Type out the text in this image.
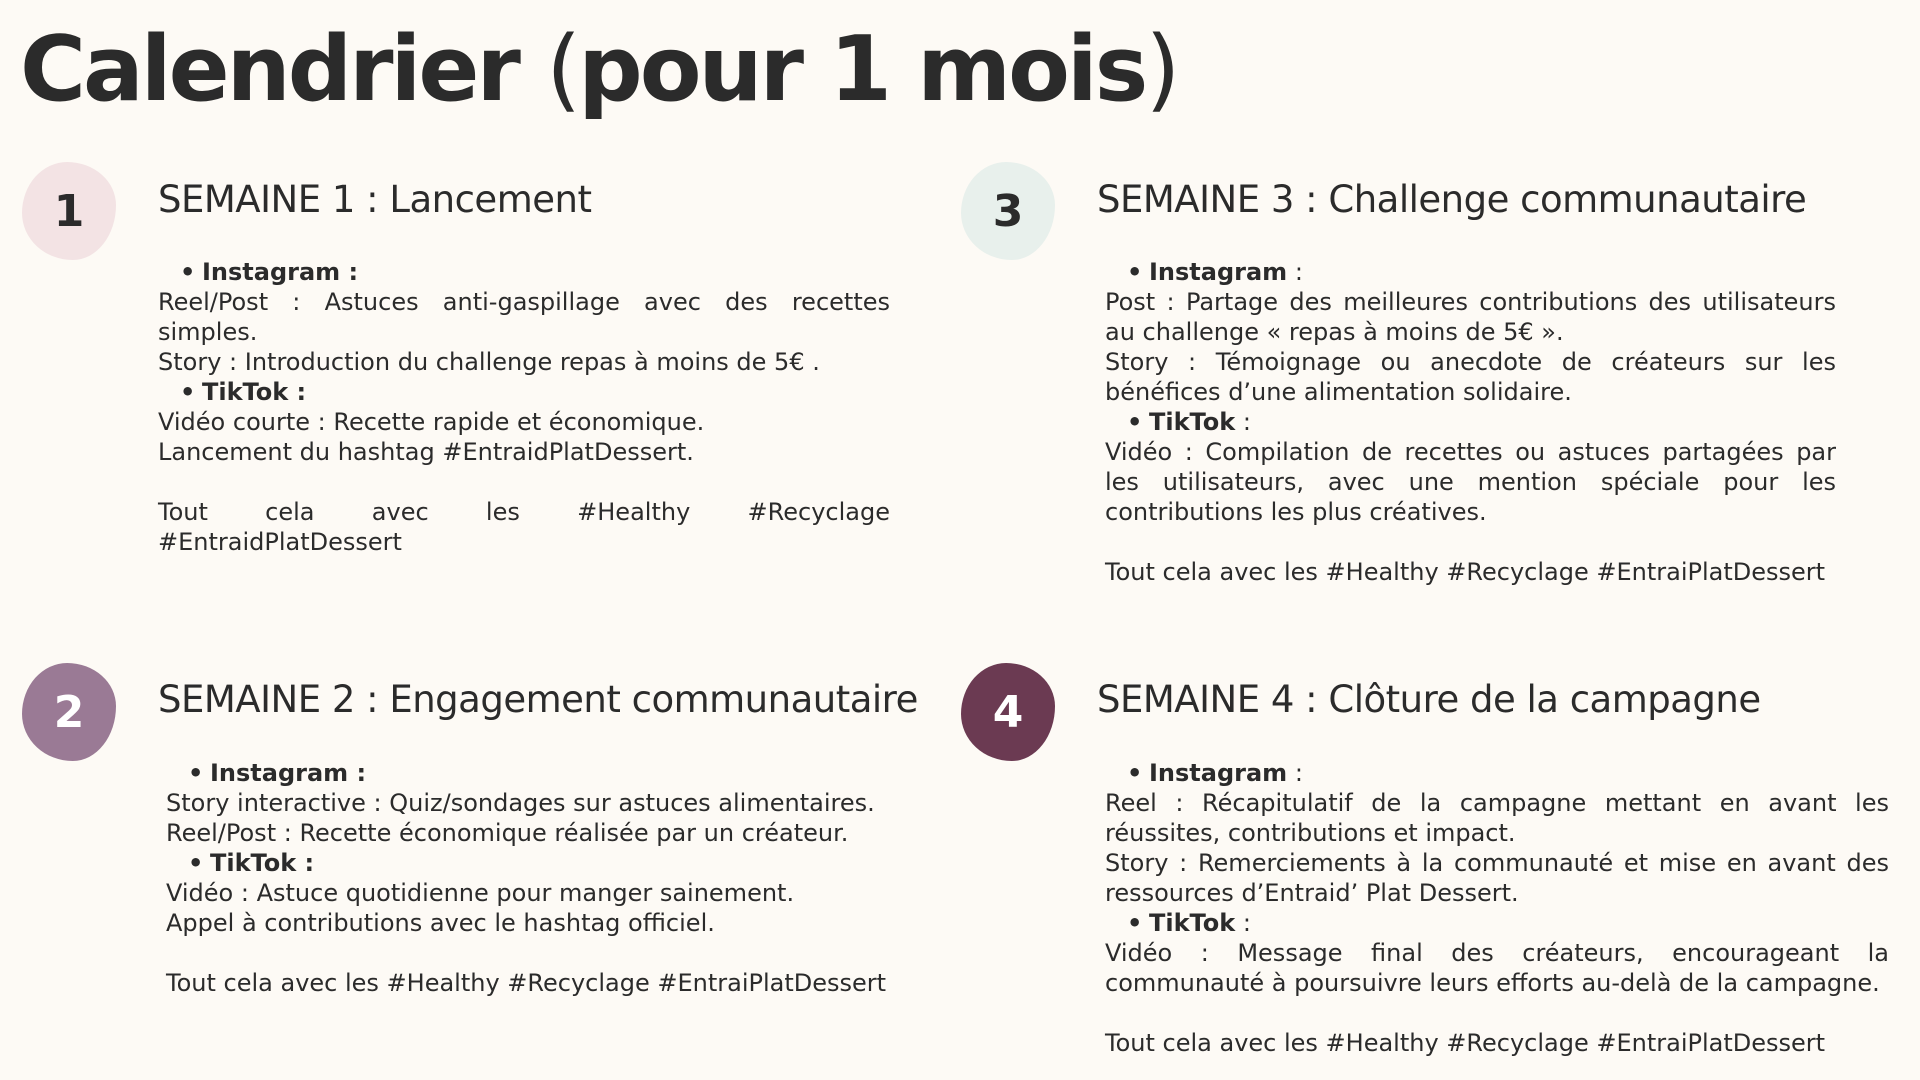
Calendrier (pour 1 mois)
1	SEMAINE 1 : Lancement

• Instagram :

Reel/Post : Astuces anti-gaspillage avec des recettes simples.

Story : Introduction du challenge repas à moins de 5€ .

• TikTok :

Vidéo courte : Recette rapide et économique.

Lancement du hashtag #EntraidPlatDessert.

Tout cela avec les #Healthy #Recyclage #EntraidPlatDessert

2	SEMAINE 2 : Engagement communautaire

• Instagram :

Story interactive : Quiz/sondages sur astuces alimentaires.

Reel/Post : Recette économique réalisée par un créateur.

• TikTok :

Vidéo : Astuce quotidienne pour manger sainement.

Appel à contributions avec le hashtag officiel.

Tout cela avec les #Healthy #Recyclage #EntraiPlatDessert

3	SEMAINE 3 : Challenge communautaire

• Instagram :

Post : Partage des meilleures contributions des utilisateurs au challenge « repas à moins de 5€ ».

Story : Témoignage ou anecdote de créateurs sur les bénéfices d’une alimentation solidaire.

• TikTok :

Vidéo : Compilation de recettes ou astuces partagées par les utilisateurs, avec une mention spéciale pour les contributions les plus créatives.

Tout cela avec les #Healthy #Recyclage #EntraiPlatDessert

4	SEMAINE 4 : Clôture de la campagne

• Instagram :

Reel : Récapitulatif de la campagne mettant en avant les réussites, contributions et impact.

Story : Remerciements à la communauté et mise en avant des ressources d’Entraid’ Plat Dessert.

• TikTok :

Vidéo : Message final des créateurs, encourageant la communauté à poursuivre leurs efforts au-delà de la campagne.

Tout cela avec les #Healthy #Recyclage #EntraiPlatDessert
